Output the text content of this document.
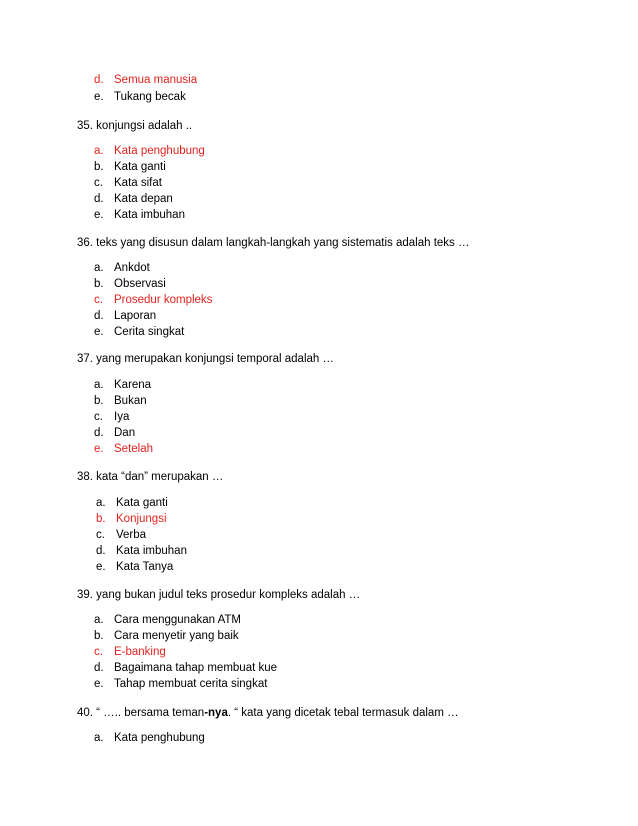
d. Semua manusia
e. Tukang becak
35. konjungsi adalah ..
a. Kata penghubung
b. Kata ganti
c. Kata sifat
d. Kata depan
e. Kata imbuhan
36. teks yang disusun dalam langkah-langkah yang sistematis adalah teks …
a. Ankdot
b. Observasi
c. Prosedur kompleks
d. Laporan
e. Cerita singkat
37. yang merupakan konjungsi temporal adalah …
a. Karena
b. Bukan
c. Iya
d. Dan
e. Setelah
38. kata “dan” merupakan …
a. Kata ganti
b. Konjungsi
c. Verba
d. Kata imbuhan
e. Kata Tanya
39. yang bukan judul teks prosedur kompleks adalah …
a. Cara menggunakan ATM
b. Cara menyetir yang baik
c. E-banking
d. Bagaimana tahap membuat kue
e. Tahap membuat cerita singkat
40. “ ….. bersama teman-nya. “ kata yang dicetak tebal termasuk dalam …
a. Kata penghubung
